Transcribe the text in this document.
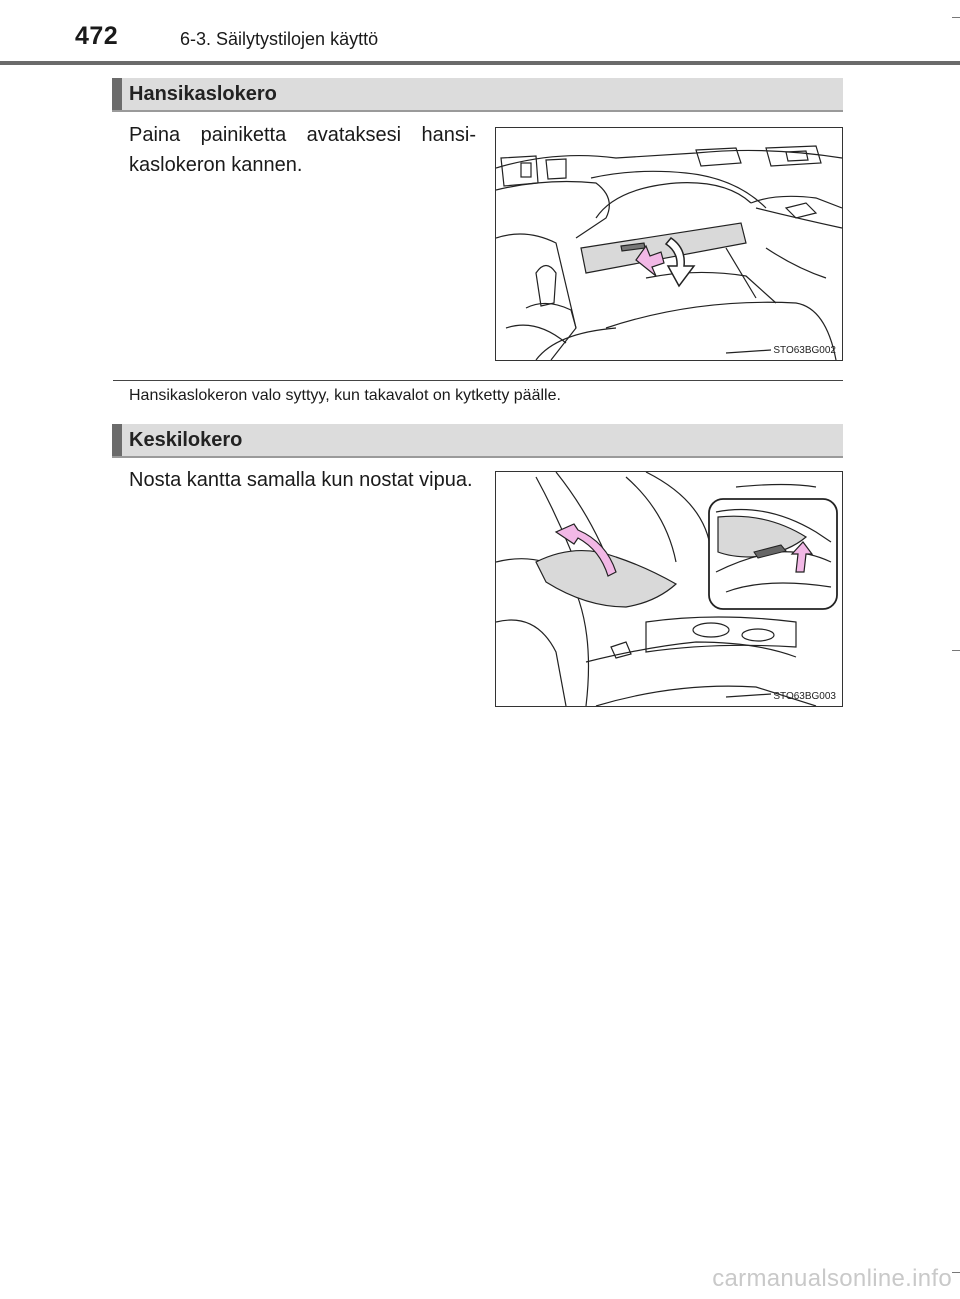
472	6-3. Säilytystilojen käyttö
Hansikaslokero
Paina painiketta avataksesi hansi-kaslokeron kannen.
STO63BG002
Hansikaslokeron valo syttyy, kun takavalot on kytketty päälle.
Keskilokero
Nosta kantta samalla kun nostat vipua.
STO63BG003
carmanualsonline.info
